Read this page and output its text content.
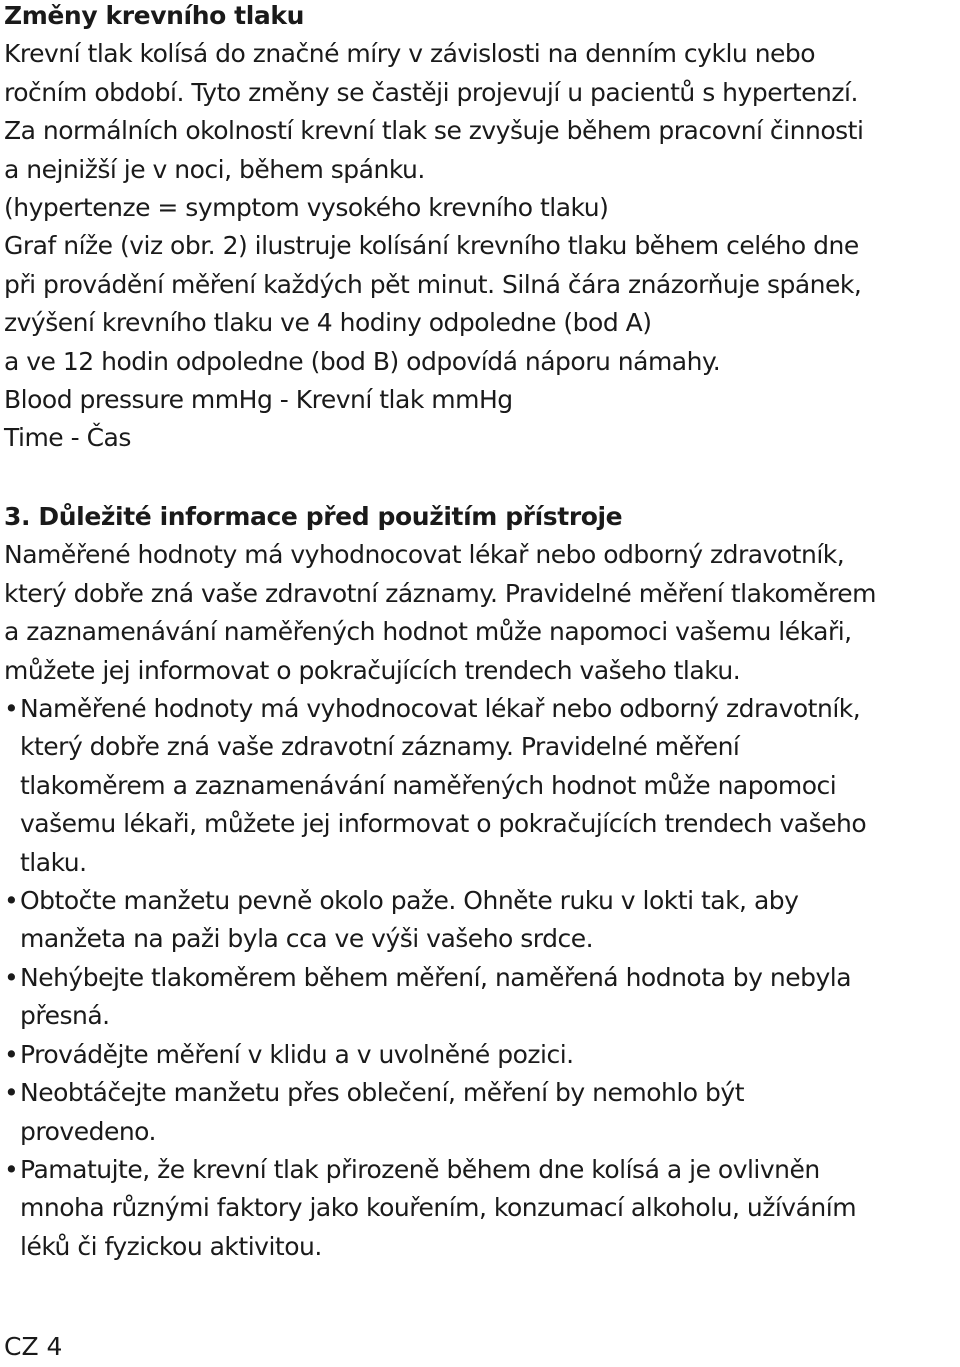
Změny krevního tlaku
Krevní tlak kolísá do značné míry v závislosti na denním cyklu nebo
ročním období. Tyto změny se častěji projevují u pacientů s hypertenzí.
Za normálních okolností krevní tlak se zvyšuje během pracovní činnosti
a nejnižší je v noci, během spánku.
(hypertenze = symptom vysokého krevního tlaku)
Graf níže (viz obr. 2) ilustruje kolísání krevního tlaku během celého dne
při provádění měření každých pět minut. Silná čára znázorňuje spánek,
zvýšení krevního tlaku ve 4 hodiny odpoledne (bod A)
a ve 12 hodin odpoledne (bod B) odpovídá náporu námahy.
Blood pressure mmHg - Krevní tlak mmHg
Time - Čas
3. Důležité informace před použitím přístroje
Naměřené hodnoty má vyhodnocovat lékař nebo odborný zdravotník,
který dobře zná vaše zdravotní záznamy. Pravidelné měření tlakoměrem
a zaznamenávání naměřených hodnot může napomoci vašemu lékaři,
můžete jej informovat o pokračujících trendech vašeho tlaku.
• Naměřené hodnoty má vyhodnocovat lékař nebo odborný zdravotník,
který dobře zná vaše zdravotní záznamy. Pravidelné měření
tlakoměrem a zaznamenávání naměřených hodnot může napomoci
vašemu lékaři, můžete jej informovat o pokračujících trendech vašeho
tlaku.
• Obtočte manžetu pevně okolo paže. Ohněte ruku v lokti tak, aby
manžeta na paži byla cca ve výši vašeho srdce.
• Nehýbejte tlakoměrem během měření, naměřená hodnota by nebyla
přesná.
• Provádějte měření v klidu a v uvolněné pozici.
• Neobtáčejte manžetu přes oblečení, měření by nemohlo být
provedeno.
• Pamatujte, že krevní tlak přirozeně během dne kolísá a je ovlivněn
mnoha různými faktory jako kouřením, konzumací alkoholu, užíváním
léků či fyzickou aktivitou.
CZ 4
